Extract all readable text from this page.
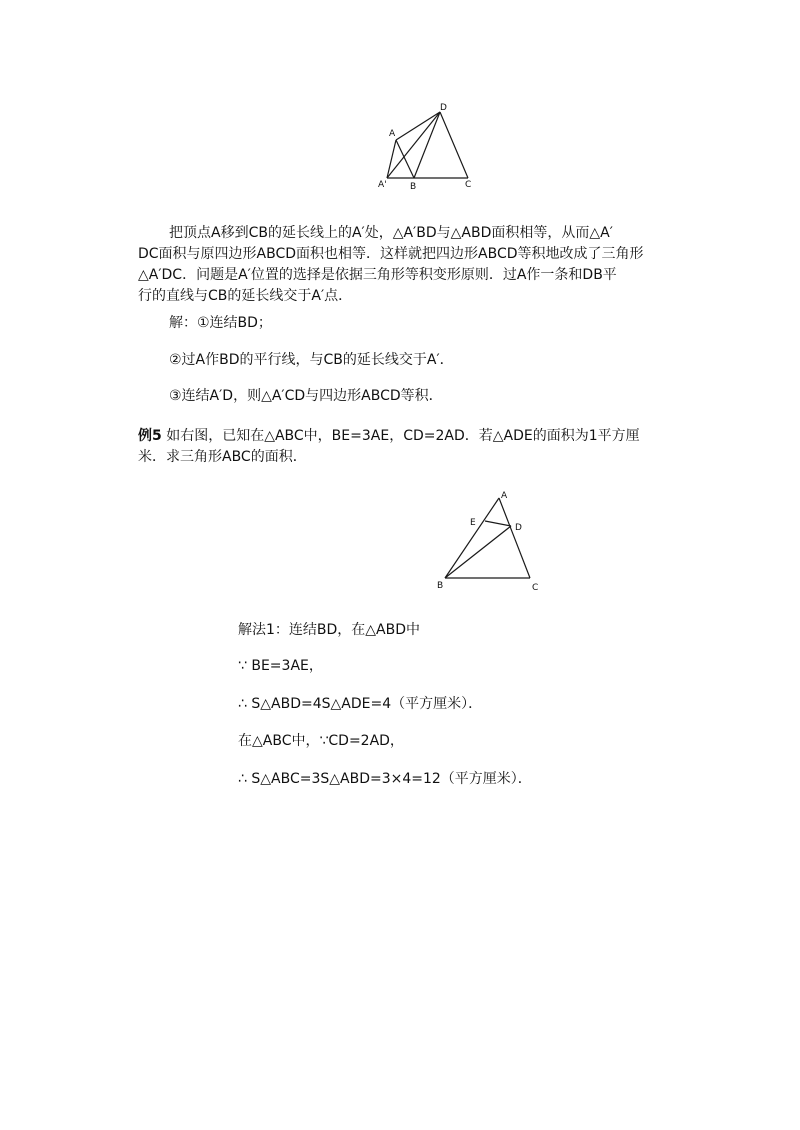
A
D
A'	B	C

把顶点A移到CB的延长线上的A′处，△A′BD与△ABD面积相等，从而△A′
DC面积与原四边形ABCD面积也相等．这样就把四边形ABCD等积地改成了三角形
△A′DC．问题是A′位置的选择是依据三角形等积变形原则．过A作一条和DB平
行的直线与CB的延长线交于A′点．

解：①连结BD；

②过A作BD的平行线，与CB的延长线交于A′．

③连结A′D，则△A′CD与四边形ABCD等积．

例5 如右图，已知在△ABC中，BE=3AE，CD=2AD．若△ADE的面积为1平方厘
米．求三角形ABC的面积．

A
E	D
B	C

解法1：连结BD，在△ABD中

∵ BE=3AE，

∴ S△ABD=4S△ADE=4（平方厘米）．

在△ABC中，∵CD=2AD，

∴ S△ABC=3S△ABD=3×4=12（平方厘米）．
